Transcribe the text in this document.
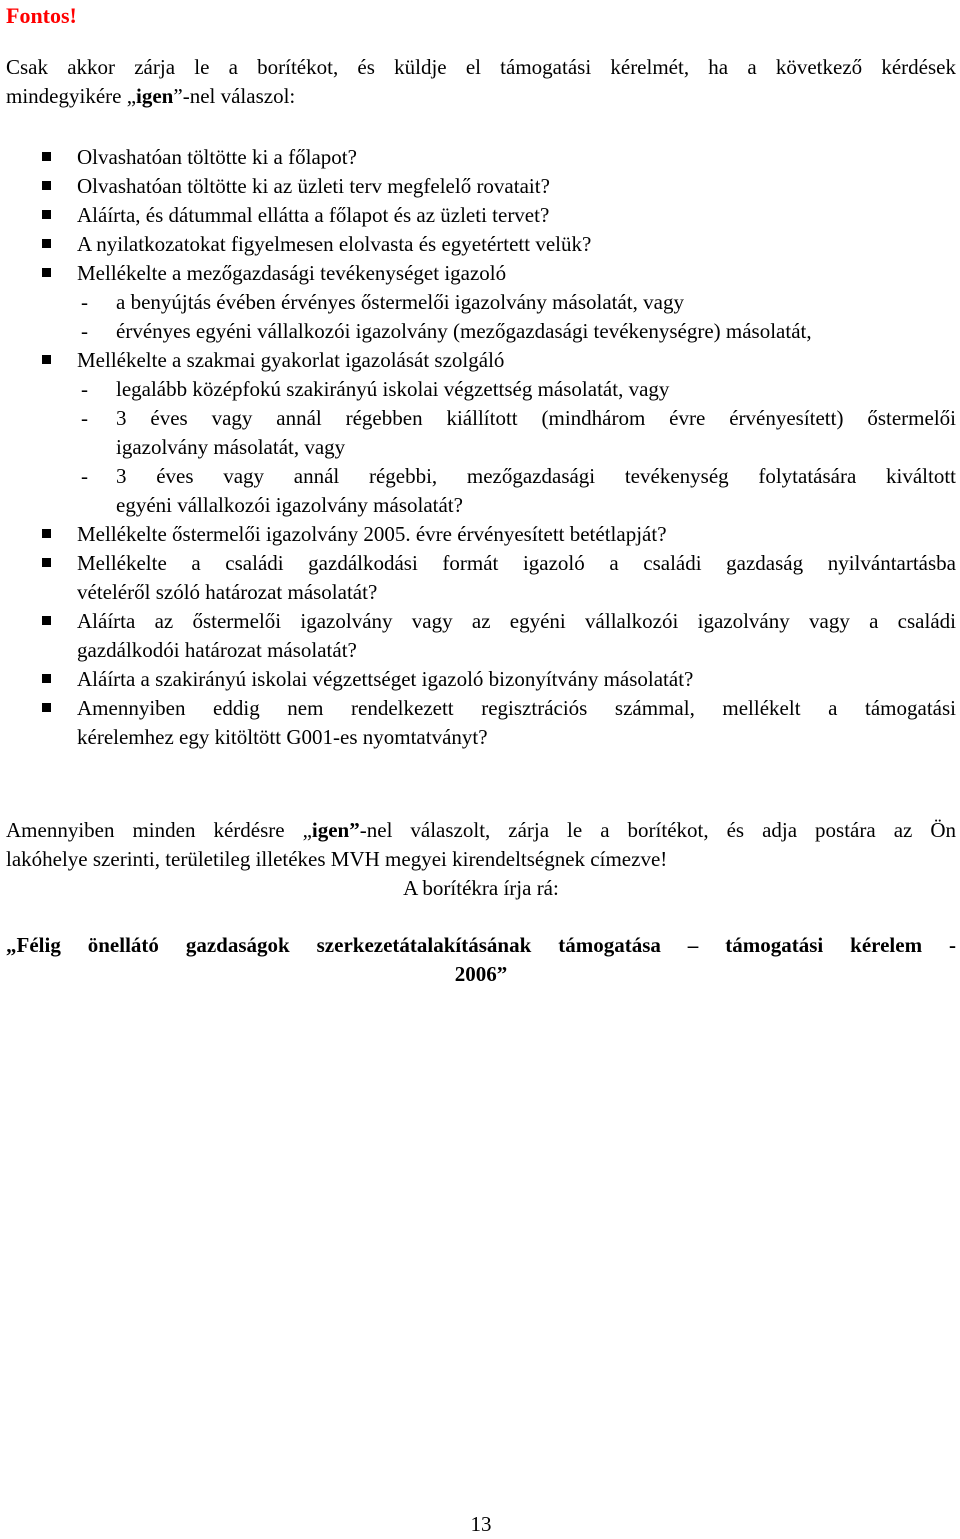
Fontos!
Csak akkor zárja le a borítékot, és küldje el támogatási kérelmét, ha a következő kérdések
mindegyikére „igen”-nel válaszol:
Olvashatóan töltötte ki a főlapot?
Olvashatóan töltötte ki az üzleti terv megfelelő rovatait?
Aláírta, és dátummal ellátta a főlapot és az üzleti tervet?
A nyilatkozatokat figyelmesen elolvasta és egyetértett velük?
Mellékelte a mezőgazdasági tevékenységet igazoló
- a benyújtás évében érvényes őstermelői igazolvány másolatát, vagy
- érvényes egyéni vállalkozói igazolvány (mezőgazdasági tevékenységre) másolatát,
Mellékelte a szakmai gyakorlat igazolását szolgáló
- legalább középfokú szakirányú iskolai végzettség másolatát, vagy
- 3 éves vagy annál régebben kiállított (mindhárom évre érvényesített) őstermelői
igazolvány másolatát, vagy
- 3 éves vagy annál régebbi, mezőgazdasági tevékenység folytatására kiváltott
egyéni vállalkozói igazolvány másolatát?
Mellékelte őstermelői igazolvány 2005. évre érvényesített betétlapját?
Mellékelte a családi gazdálkodási formát igazoló a családi gazdaság nyilvántartásba
vételéről szóló határozat másolatát?
Aláírta az őstermelői igazolvány vagy az egyéni vállalkozói igazolvány vagy a családi
gazdálkodói határozat másolatát?
Aláírta a szakirányú iskolai végzettséget igazoló bizonyítvány másolatát?
Amennyiben eddig nem rendelkezett regisztrációs számmal, mellékelt a támogatási
kérelemhez egy kitöltött G001-es nyomtatványt?
Amennyiben minden kérdésre „igen”-nel válaszolt, zárja le a borítékot, és adja postára az Ön
lakóhelye szerinti, területileg illetékes MVH megyei kirendeltségnek címezve!
A borítékra írja rá:
„Félig önellátó gazdaságok szerkezetátalakításának támogatása – támogatási kérelem -
2006”
13
